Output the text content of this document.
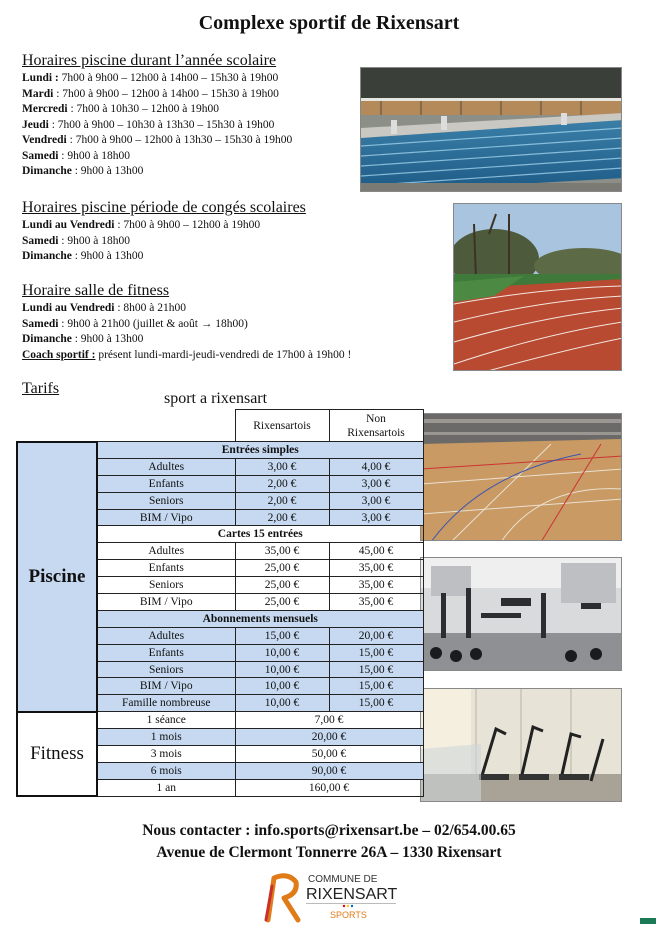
Complexe sportif de Rixensart
Horaires piscine durant l’année scolaire
Lundi : 7h00 à 9h00 – 12h00 à 14h00 – 15h30 à 19h00
Mardi : 7h00 à 9h00 – 12h00 à 14h00 – 15h30 à 19h00
Mercredi : 7h00 à 10h30 – 12h00 à 19h00
Jeudi : 7h00 à 9h00 – 10h30 à 13h30 – 15h30 à 19h00
Vendredi : 7h00 à 9h00 – 12h00 à 13h30 – 15h30 à 19h00
Samedi : 9h00 à 18h00
Dimanche : 9h00 à 13h00
Horaires piscine période de congés scolaires
Lundi au Vendredi : 7h00 à 9h00 – 12h00 à 19h00
Samedi : 9h00 à 18h00
Dimanche : 9h00 à 13h00
Horaire salle de fitness
Lundi au Vendredi : 8h00 à 21h00
Samedi : 9h00 à 21h00 (juillet & août → 18h00)
Dimanche : 9h00 à 13h00
Coach sportif : présent lundi-mardi-jeudi-vendredi de 17h00 à 19h00 !
Tarifs
sport a rixensart
		Rixensartois	Non
Rixensartois
Piscine	Entrées simples		
	Adultes	3,00 €	4,00 €
	Enfants	2,00 €	3,00 €
	Seniors	2,00 €	3,00 €
	BIM / Vipo	2,00 €	3,00 €
	Cartes 15 entrées		
	Adultes	35,00 €	45,00 €
	Enfants	25,00 €	35,00 €
	Seniors	25,00 €	35,00 €
	BIM / Vipo	25,00 €	35,00 €
	Abonnements mensuels		
	Adultes	15,00 €	20,00 €
	Enfants	10,00 €	15,00 €
	Seniors	10,00 €	15,00 €
	BIM / Vipo	10,00 €	15,00 €
	Famille nombreuse	10,00 €	15,00 €
Fitness	1 séance	7,00 €	
	1 mois	20,00 €	
	3 mois	50,00 €	
	6 mois	90,00 €	
	1 an	160,00 €	
Nous contacter : info.sports@rixensart.be – 02/654.00.65
Avenue de Clermont Tonnerre 26A – 1330 Rixensart
COMMUNE DE
RIXENSART
SPORTS
